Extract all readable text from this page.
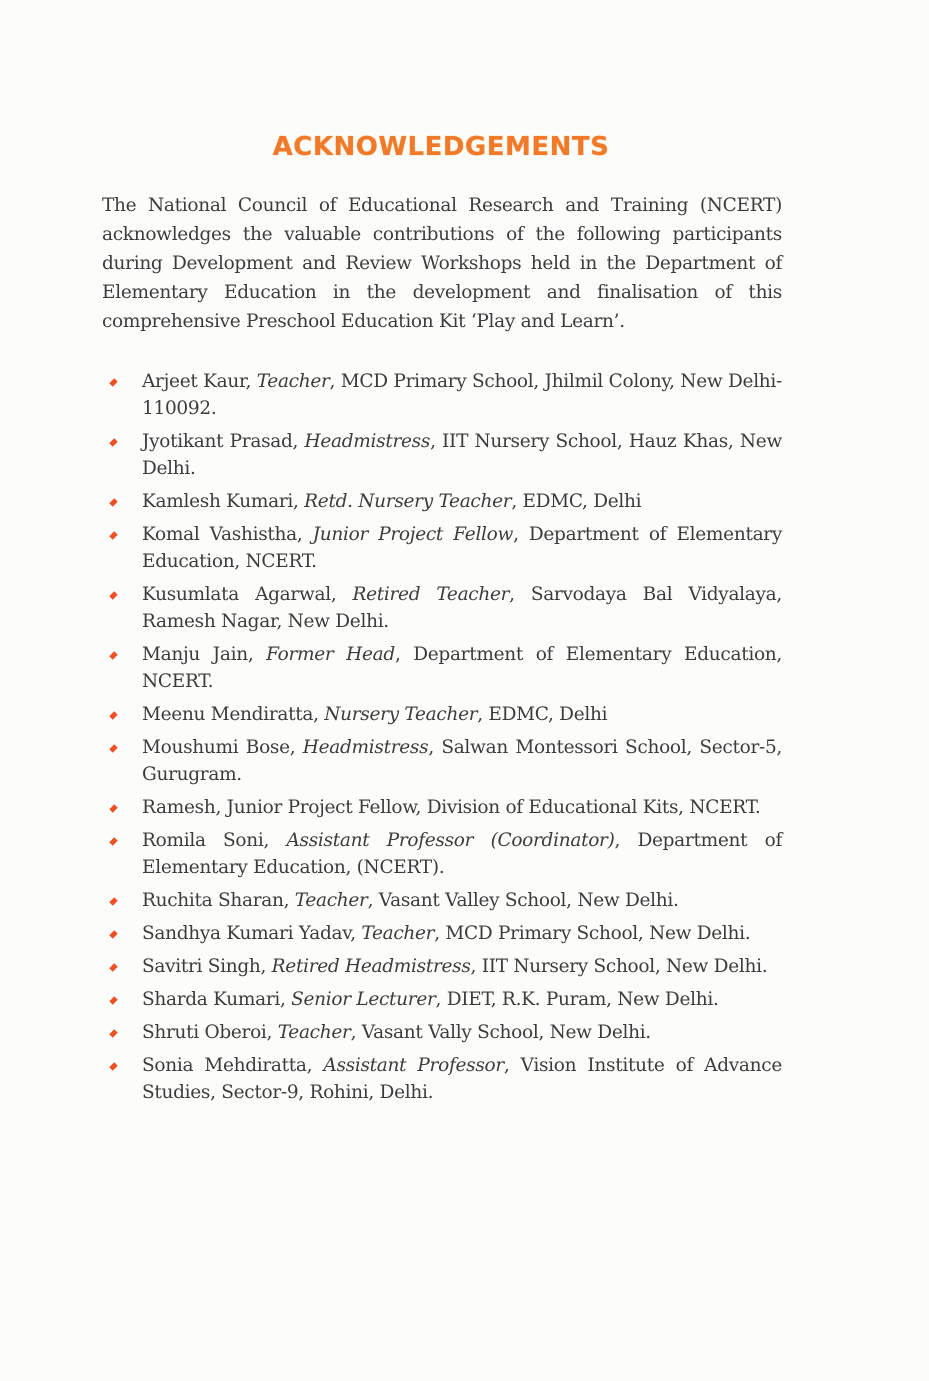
ACKNOWLEDGEMENTS

The National Council of Educational Research and Training (NCERT) acknowledges the valuable contributions of the following participants during Development and Review Workshops held in the Department of Elementary Education in the development and finalisation of this comprehensive Preschool Education Kit ‘Play and Learn’.

Arjeet Kaur, Teacher, MCD Primary School, Jhilmil Colony, New Delhi-110092.
Jyotikant Prasad, Headmistress, IIT Nursery School, Hauz Khas, New Delhi.
Kamlesh Kumari, Retd. Nursery Teacher, EDMC, Delhi
Komal Vashistha, Junior Project Fellow, Department of Elementary Education, NCERT.
Kusumlata Agarwal, Retired Teacher, Sarvodaya Bal Vidyalaya, Ramesh Nagar, New Delhi.
Manju Jain, Former Head, Department of Elementary Education, NCERT.
Meenu Mendiratta, Nursery Teacher, EDMC, Delhi
Moushumi Bose, Headmistress, Salwan Montessori School, Sector-5, Gurugram.
Ramesh, Junior Project Fellow, Division of Educational Kits, NCERT.
Romila Soni, Assistant Professor (Coordinator), Department of Elementary Education, (NCERT).
Ruchita Sharan, Teacher, Vasant Valley School, New Delhi.
Sandhya Kumari Yadav, Teacher, MCD Primary School, New Delhi.
Savitri Singh, Retired Headmistress, IIT Nursery School, New Delhi.
Sharda Kumari, Senior Lecturer, DIET, R.K. Puram, New Delhi.
Shruti Oberoi, Teacher, Vasant Vally School, New Delhi.
Sonia Mehdiratta, Assistant Professor, Vision Institute of Advance Studies, Sector-9, Rohini, Delhi.
